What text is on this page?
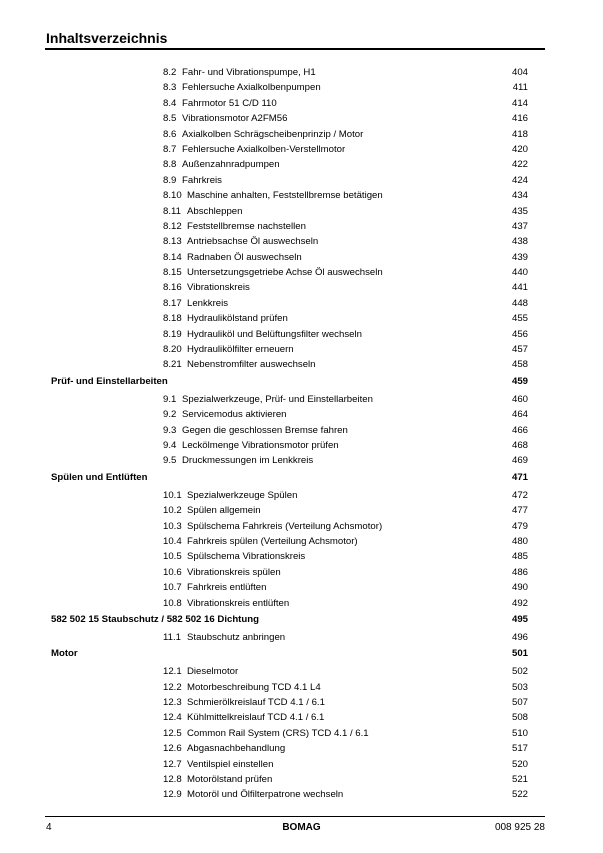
Inhaltsverzeichnis
8.2 Fahr- und Vibrationspumpe, H1	404
8.3 Fehlersuche Axialkolbenpumpen	411
8.4 Fahrmotor 51 C/D 110	414
8.5 Vibrationsmotor A2FM56	416
8.6 Axialkolben Schrägscheibenprinzip / Motor	418
8.7 Fehlersuche Axialkolben-Verstellmotor	420
8.8 Außenzahnradpumpen	422
8.9 Fahrkreis	424
8.10 Maschine anhalten, Feststellbremse betätigen	434
8.11 Abschleppen	435
8.12 Feststellbremse nachstellen	437
8.13 Antriebsachse Öl auswechseln	438
8.14 Radnaben Öl auswechseln	439
8.15 Untersetzungsgetriebe Achse Öl auswechseln	440
8.16 Vibrationskreis	441
8.17 Lenkkreis	448
8.18 Hydraulikölstand prüfen	455
8.19 Hydrauliköl und Belüftungsfilter wechseln	456
8.20 Hydraulikölfilter erneuern	457
8.21 Nebenstromfilter auswechseln	458
Prüf- und Einstellarbeiten	459
9.1 Spezialwerkzeuge, Prüf- und Einstellarbeiten	460
9.2 Servicemodus aktivieren	464
9.3 Gegen die geschlossen Bremse fahren	466
9.4 Leckölmenge Vibrationsmotor prüfen	468
9.5 Druckmessungen im Lenkkreis	469
Spülen und Entlüften	471
10.1 Spezialwerkzeuge Spülen	472
10.2 Spülen allgemein	477
10.3 Spülschema Fahrkreis (Verteilung Achsmotor)	479
10.4 Fahrkreis spülen (Verteilung Achsmotor)	480
10.5 Spülschema Vibrationskreis	485
10.6 Vibrationskreis spülen	486
10.7 Fahrkreis entlüften	490
10.8 Vibrationskreis entlüften	492
582 502 15 Staubschutz / 582 502 16 Dichtung	495
11.1 Staubschutz anbringen	496
Motor	501
12.1 Dieselmotor	502
12.2 Motorbeschreibung TCD 4.1 L4	503
12.3 Schmierölkreislauf TCD 4.1 / 6.1	507
12.4 Kühlmittelkreislauf TCD 4.1 / 6.1	508
12.5 Common Rail System (CRS) TCD 4.1 / 6.1	510
12.6 Abgasnachbehandlung	517
12.7 Ventilspiel einstellen	520
12.8 Motorölstand prüfen	521
12.9 Motoröl und Ölfilterpatrone wechseln	522
4	BOMAG	008 925 28
